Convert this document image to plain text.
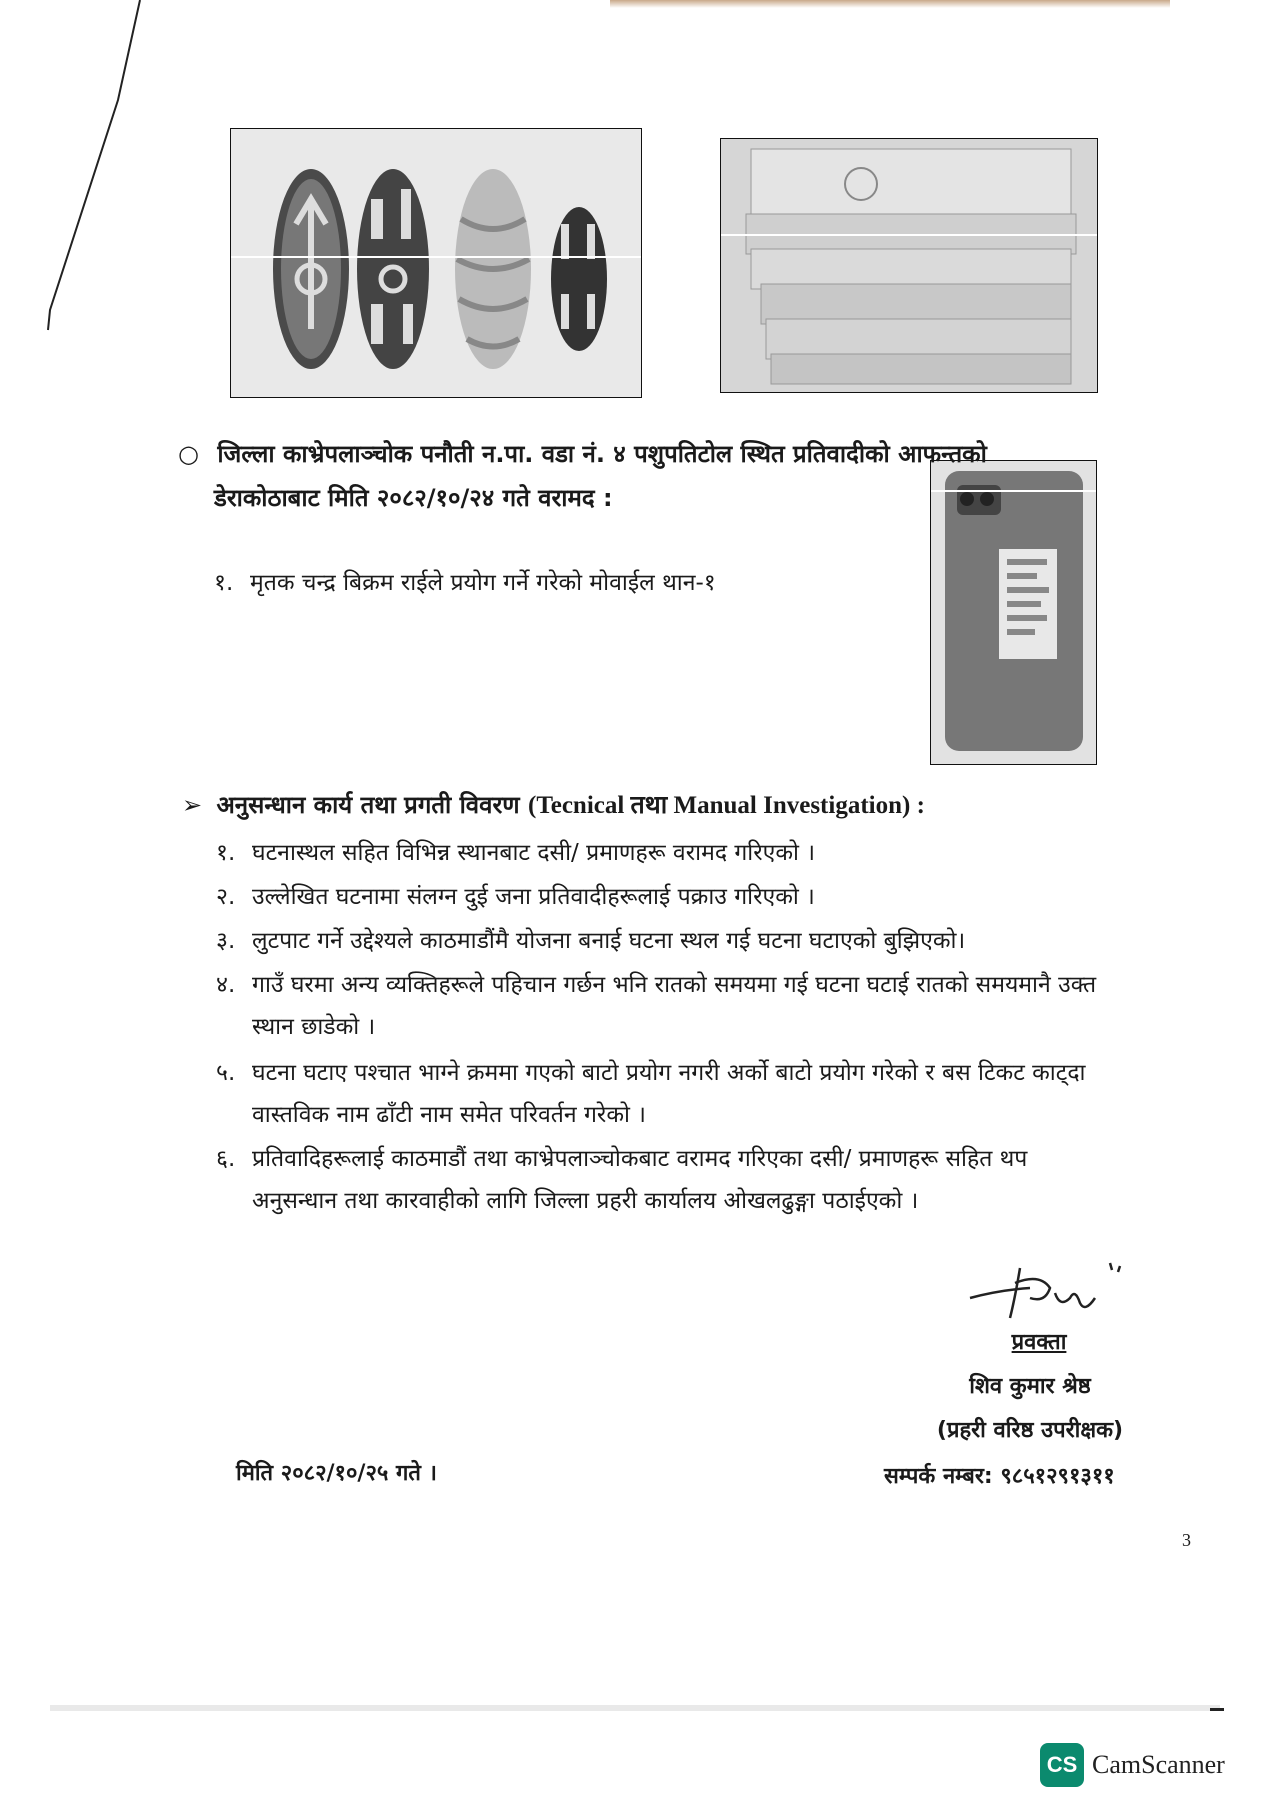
○ जिल्ला काभ्रेपलाञ्चोक पनौती न.पा. वडा नं. ४ पशुपतिटोल स्थित प्रतिवादीको आफन्तको
डेराकोठाबाट मिति २०८२/१०/२४ गते वरामद :
१. मृतक चन्द्र बिक्रम राईले प्रयोग गर्ने गरेको मोवाईल थान-१
➢ अनुसन्धान कार्य तथा प्रगती विवरण (Tecnical तथा Manual Investigation) :
१. घटनास्थल सहित विभिन्न स्थानबाट दसी/ प्रमाणहरू वरामद गरिएको ।
२. उल्लेखित घटनामा संलग्न दुई जना प्रतिवादीहरूलाई पक्राउ गरिएको ।
३. लुटपाट गर्ने उद्देश्यले काठमाडौंमै योजना बनाई घटना स्थल गई घटना घटाएको बुझिएको।
४. गाउँ घरमा अन्य व्यक्तिहरूले पहिचान गर्छन भनि रातको समयमा गई घटना घटाई रातको समयमानै उक्त
स्थान छाडेको ।
५. घटना घटाए पश्चात भाग्ने क्रममा गएको बाटो प्रयोग नगरी अर्को बाटो प्रयोग गरेको र बस टिकट काट्दा
वास्तविक नाम ढाँटी नाम समेत परिवर्तन गरेको ।
६. प्रतिवादिहरूलाई काठमाडौं तथा काभ्रेपलाञ्चोकबाट वरामद गरिएका दसी/ प्रमाणहरू सहित थप
अनुसन्धान तथा कारवाहीको लागि जिल्ला प्रहरी कार्यालय ओखलढुङ्गा पठाईएको ।
प्रवक्ता
शिव कुमार श्रेष्ठ
(प्रहरी वरिष्ठ उपरीक्षक)
सम्पर्क नम्बर: ९८५१२९१३११
मिति २०८२/१०/२५ गते ।
3
CS CamScanner
